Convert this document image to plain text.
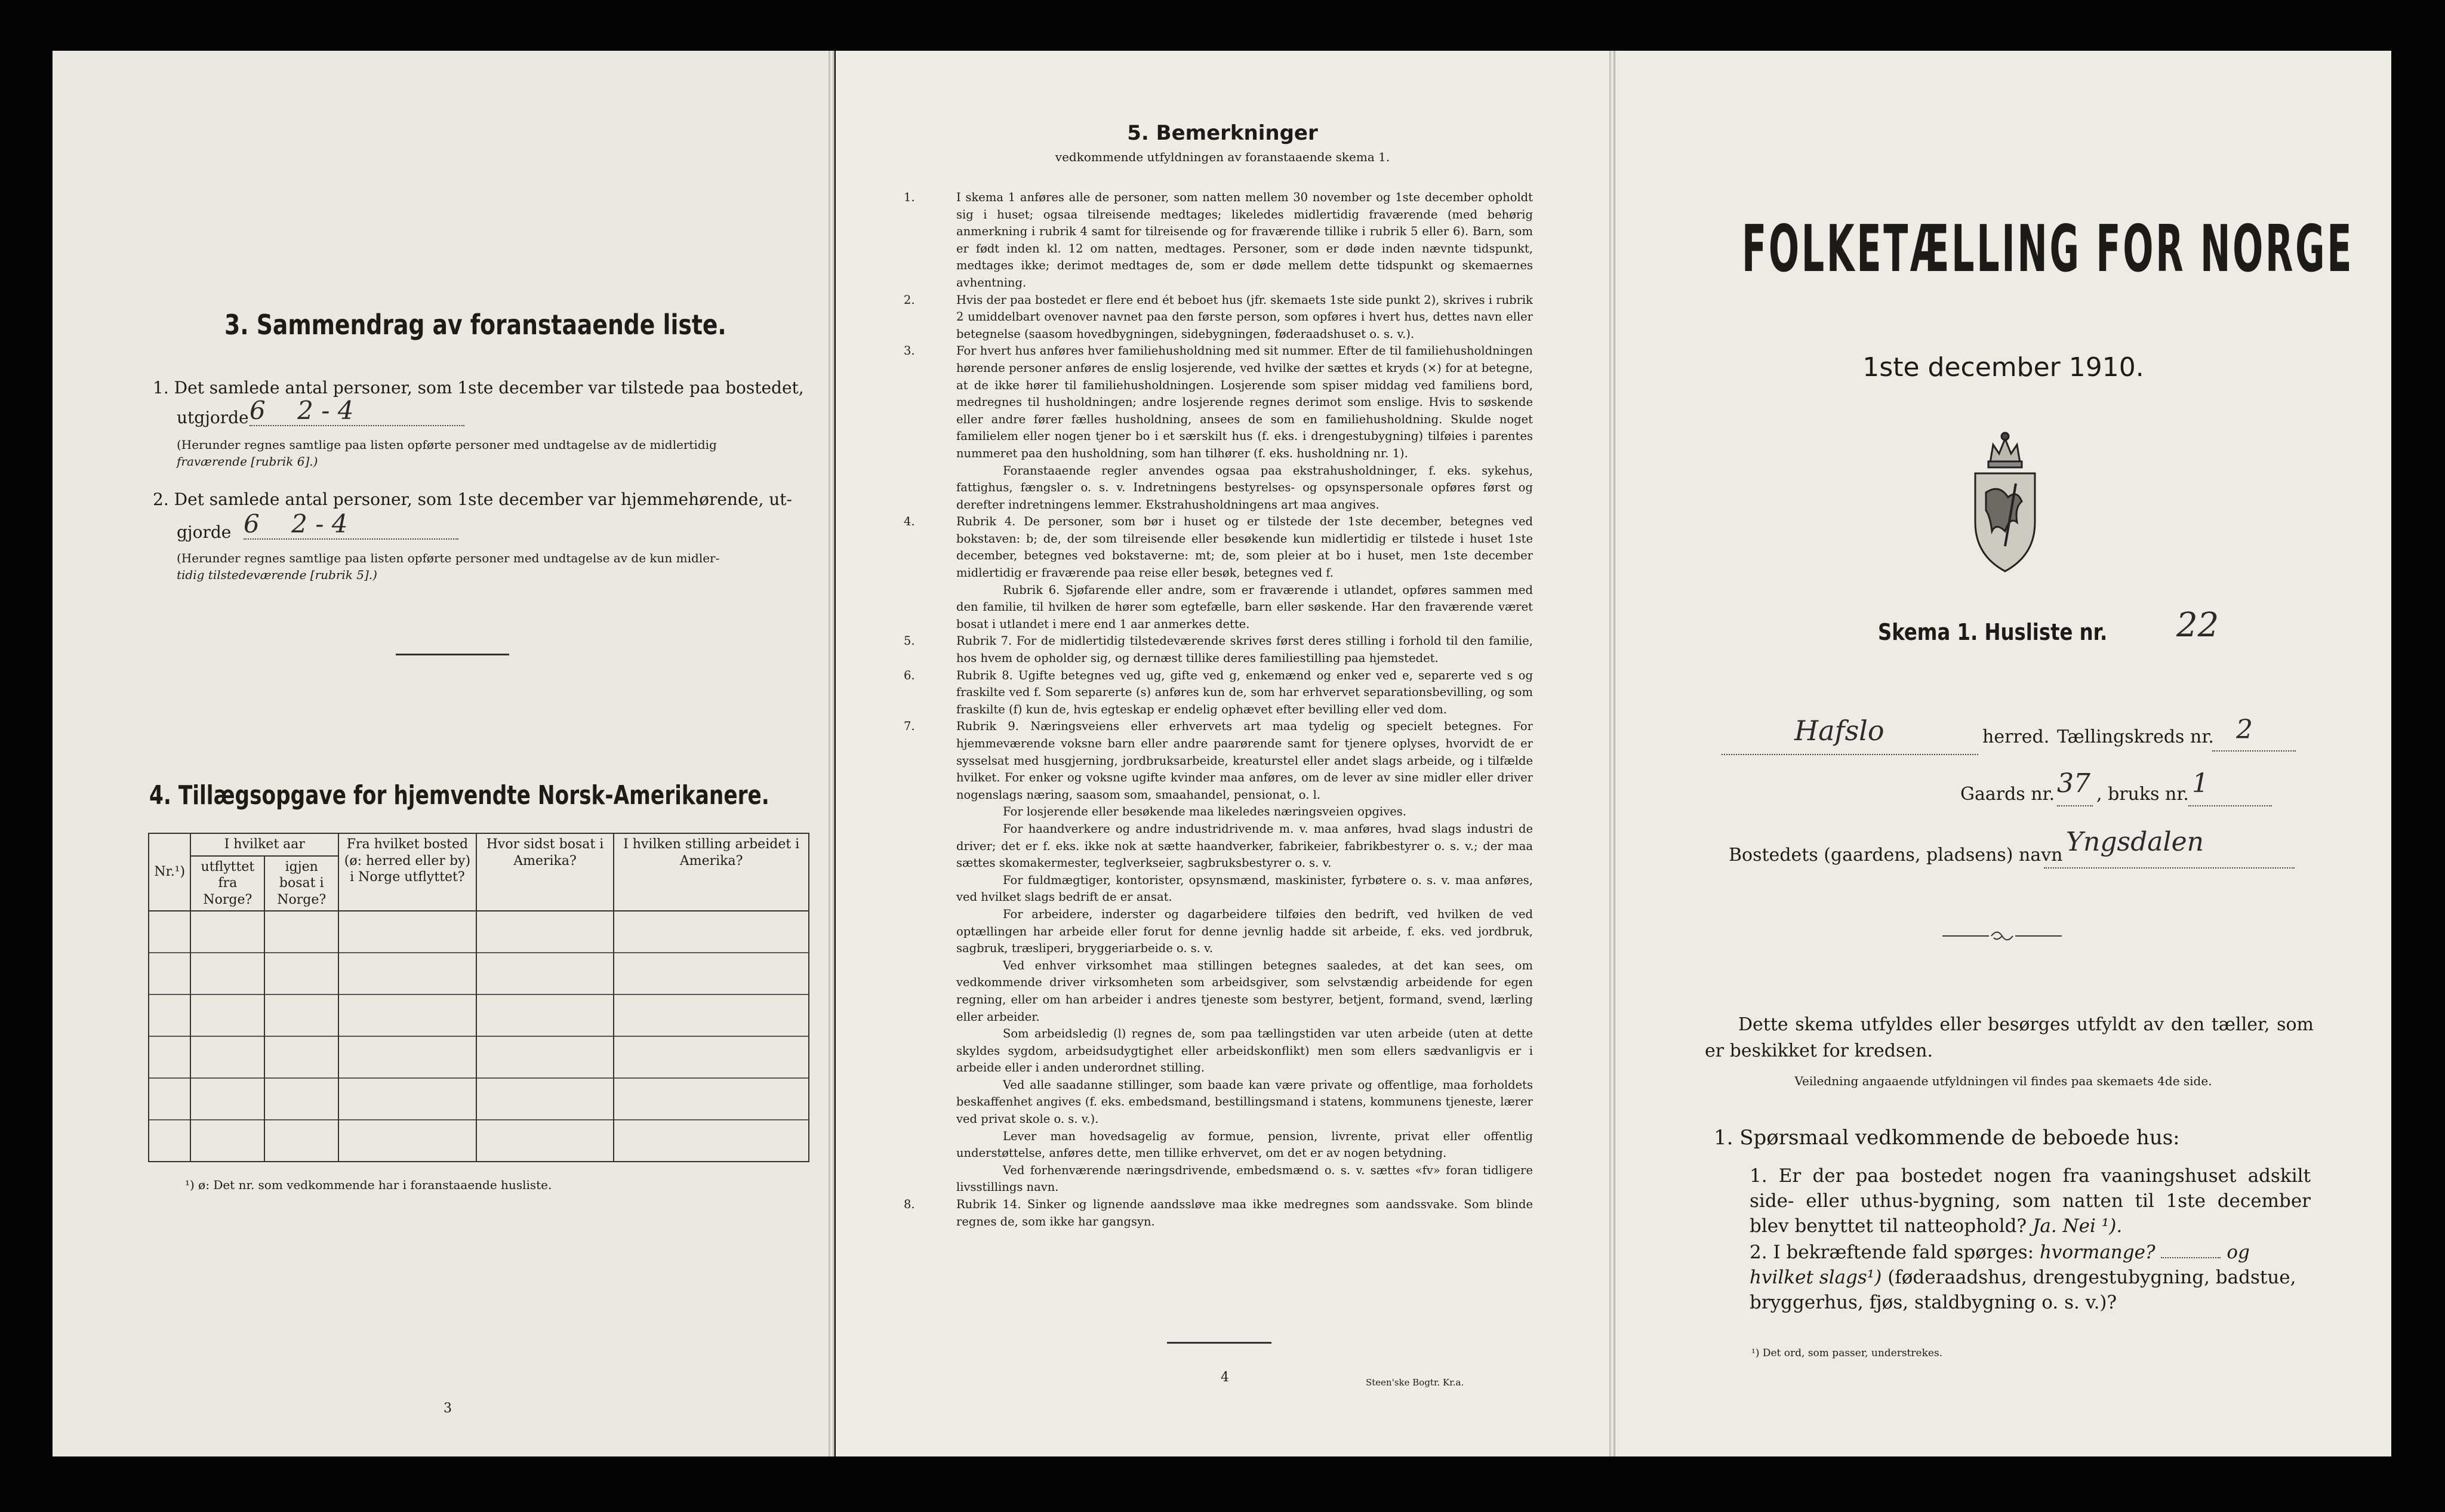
3. Sammendrag av foranstaaende liste.
1. Det samlede antal personer, som 1ste december var tilstede paa bostedet,
utgjorde 6    2 - 4
(Herunder regnes samtlige paa listen opførte personer med undtagelse av de midlertidig
fraværende [rubrik 6].)
2. Det samlede antal personer, som 1ste december var hjemmehørende, ut-
gjorde 6    2 - 4
(Herunder regnes samtlige paa listen opførte personer med undtagelse av de kun midler-
tidig tilstedeværende [rubrik 5].)
4. Tillægsopgave for hjemvendte Norsk-Amerikanere.
Nr.¹)	I hvilket aar		Fra hvilket bosted (ø: herred eller by) i Norge utflyttet?	Hvor sidst bosat i Amerika?	I hvilken stilling arbeidet i Amerika?
	utflyttet fra Norge?	igjen bosat i Norge?			

¹) ø: Det nr. som vedkommende har i foranstaaende husliste.
3
5. Bemerkninger
vedkommende utfyldningen av foranstaaende skema 1.

1.	I skema 1 anføres alle de personer, som natten mellem 30 november og 1ste december opholdt sig i huset; ogsaa tilreisende medtages; likeledes midlertidig fraværende (med behørig anmerkning i rubrik 4 samt for tilreisende og for fraværende tillike i rubrik 5 eller 6). Barn, som er født inden kl. 12 om natten, medtages. Personer, som er døde inden nævnte tidspunkt, medtages ikke; derimot medtages de, som er døde mellem dette tidspunkt og skemaernes avhentning.

2.	Hvis der paa bostedet er flere end ét beboet hus (jfr. skemaets 1ste side punkt 2), skrives i rubrik 2 umiddelbart ovenover navnet paa den første person, som opføres i hvert hus, dettes navn eller betegnelse (saasom hovedbygningen, sidebygningen, føderaadshuset o. s. v.).

3.	For hvert hus anføres hver familiehusholdning med sit nummer. Efter de til familiehusholdningen hørende personer anføres de enslig losjerende, ved hvilke der sættes et kryds (×) for at betegne, at de ikke hører til familiehusholdningen. Losjerende som spiser middag ved familiens bord, medregnes til husholdningen; andre losjerende regnes derimot som enslige. Hvis to søskende eller andre fører fælles husholdning, ansees de som en familiehusholdning. Skulde noget familielem eller nogen tjener bo i et særskilt hus (f. eks. i drengestubygning) tilføies i parentes nummeret paa den husholdning, som han tilhører (f. eks. husholdning nr. 1).

Foranstaaende regler anvendes ogsaa paa ekstrahusholdninger, f. eks. sykehus, fattighus, fængsler o. s. v. Indretningens bestyrelses- og opsynspersonale opføres først og derefter indretningens lemmer. Ekstrahusholdningens art maa angives.

4.	Rubrik 4. De personer, som bør i huset og er tilstede der 1ste december, betegnes ved bokstaven: b; de, der som tilreisende eller besøkende kun midlertidig er tilstede i huset 1ste december, betegnes ved bokstaverne: mt; de, som pleier at bo i huset, men 1ste december midlertidig er fraværende paa reise eller besøk, betegnes ved f.

Rubrik 6. Sjøfarende eller andre, som er fraværende i utlandet, opføres sammen med den familie, til hvilken de hører som egtefælle, barn eller søskende. Har den fraværende været bosat i utlandet i mere end 1 aar anmerkes dette.

5.	Rubrik 7. For de midlertidig tilstedeværende skrives først deres stilling i forhold til den familie, hos hvem de opholder sig, og dernæst tillike deres familiestilling paa hjemstedet.

6.	Rubrik 8. Ugifte betegnes ved ug, gifte ved g, enkemænd og enker ved e, separerte ved s og fraskilte ved f. Som separerte (s) anføres kun de, som har erhvervet separationsbevilling, og som fraskilte (f) kun de, hvis egteskap er endelig ophævet efter bevilling eller ved dom.

7.	Rubrik 9. Næringsveiens eller erhvervets art maa tydelig og specielt betegnes. For hjemmeværende voksne barn eller andre paarørende samt for tjenere oplyses, hvorvidt de er sysselsat med husgjerning, jordbruksarbeide, kreaturstel eller andet slags arbeide, og i tilfælde hvilket. For enker og voksne ugifte kvinder maa anføres, om de lever av sine midler eller driver nogenslags næring, saasom som, smaahandel, pensionat, o. l.

For losjerende eller besøkende maa likeledes næringsveien opgives.

For haandverkere og andre industridrivende m. v. maa anføres, hvad slags industri de driver; det er f. eks. ikke nok at sætte haandverker, fabrikeier, fabrikbestyrer o. s. v.; der maa sættes skomakermester, teglverkseier, sagbruksbestyrer o. s. v.

For fuldmægtiger, kontorister, opsynsmænd, maskinister, fyrbøtere o. s. v. maa anføres, ved hvilket slags bedrift de er ansat.

For arbeidere, inderster og dagarbeidere tilføies den bedrift, ved hvilken de ved optællingen har arbeide eller forut for denne jevnlig hadde sit arbeide, f. eks. ved jordbruk, sagbruk, træsliperi, bryggeriarbeide o. s. v.

Ved enhver virksomhet maa stillingen betegnes saaledes, at det kan sees, om vedkommende driver virksomheten som arbeidsgiver, som selvstændig arbeidende for egen regning, eller om han arbeider i andres tjeneste som bestyrer, betjent, formand, svend, lærling eller arbeider.

Som arbeidsledig (l) regnes de, som paa tællingstiden var uten arbeide (uten at dette skyldes sygdom, arbeidsudygtighet eller arbeidskonflikt) men som ellers sædvanligvis er i arbeide eller i anden underordnet stilling.

Ved alle saadanne stillinger, som baade kan være private og offentlige, maa forholdets beskaffenhet angives (f. eks. embedsmand, bestillingsmand i statens, kommunens tjeneste, lærer ved privat skole o. s. v.).

Lever man hovedsagelig av formue, pension, livrente, privat eller offentlig understøttelse, anføres dette, men tillike erhvervet, om det er av nogen betydning.

Ved forhenværende næringsdrivende, embedsmænd o. s. v. sættes «fv» foran tidligere livsstillings navn.

8.	Rubrik 14. Sinker og lignende aandssløve maa ikke medregnes som aandssvake. Som blinde regnes de, som ikke har gangsyn.

4	Steen'ske Bogtr. Kr.a.
FOLKETÆLLING FOR NORGE
1ste december 1910.
Skema 1. Husliste nr. 22
Hafslo	herred. Tællingskreds nr. 2
Gaards nr. 37 , bruks nr. 1
Bostedets (gaardens, pladsens) navn Yngsdalen
Dette skema utfyldes eller besørges utfyldt av den tæller, som er beskikket for kredsen.
Veiledning angaaende utfyldningen vil findes paa skemaets 4de side.
1. Spørsmaal vedkommende de beboede hus:
1. Er der paa bostedet nogen fra vaaningshuset adskilt side- eller uthus-bygning, som natten til 1ste december blev benyttet til natteophold? Ja. Nei ¹).
2. I bekræftende fald spørges: hvormange?	og hvilket slags¹) (føderaadshus, drengestubygning, badstue, bryggerhus, fjøs, staldbygning o. s. v.)?
¹) Det ord, som passer, understrekes.
